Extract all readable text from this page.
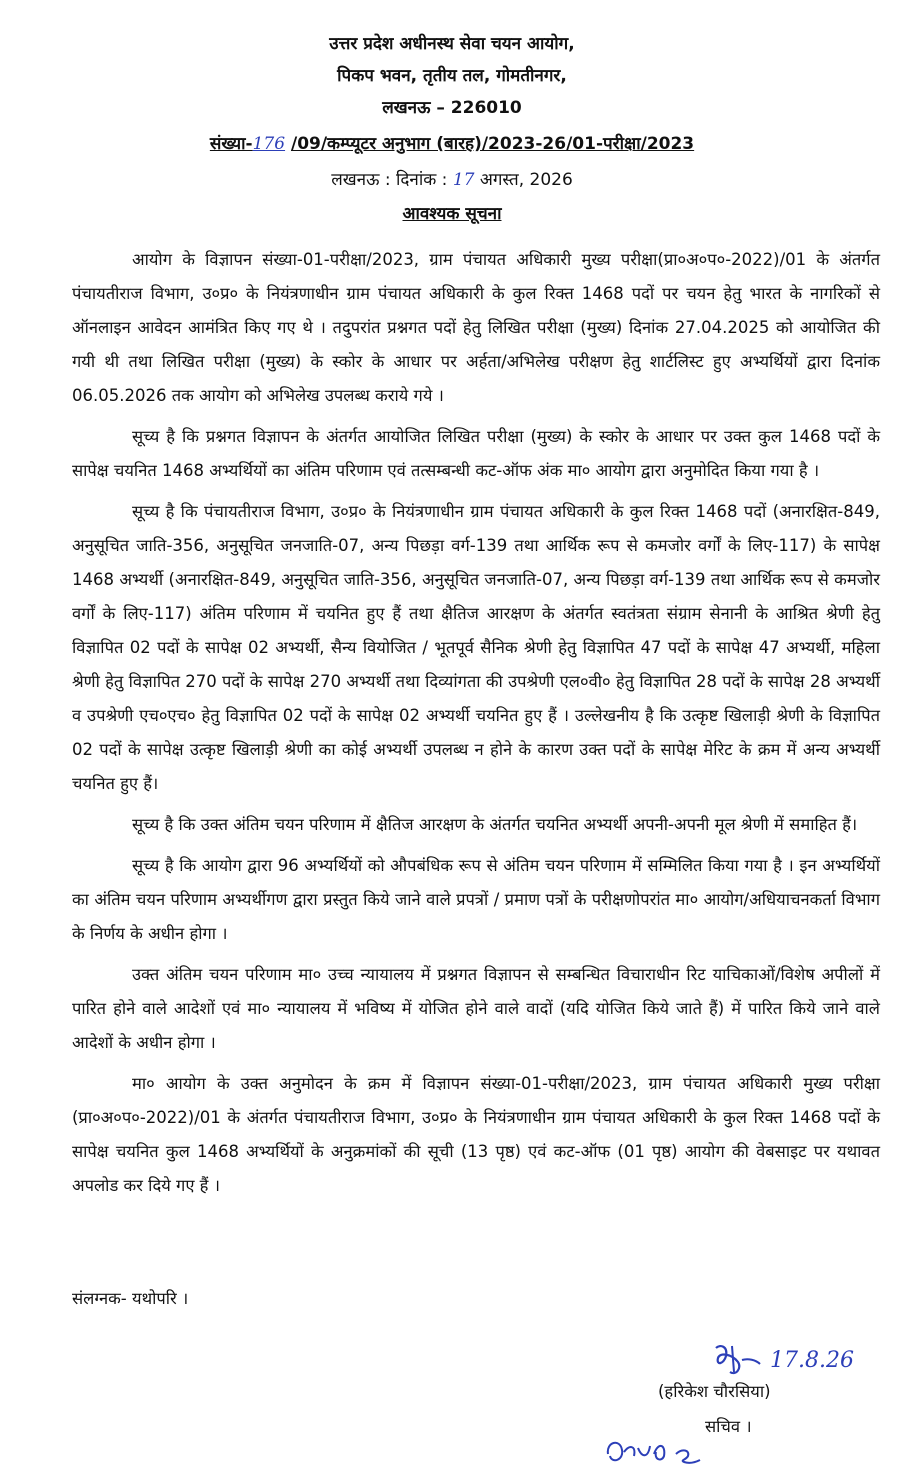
उत्तर प्रदेश अधीनस्थ सेवा चयन आयोग,
पिकप भवन, तृतीय तल, गोमतीनगर,
लखनऊ – 226010
संख्या-176 /09/कम्प्यूटर अनुभाग (बारह)/2023-26/01-परीक्षा/2023
लखनऊ : दिनांक : 17 अगस्त, 2026
आवश्यक सूचना

आयोग के विज्ञापन संख्या-01-परीक्षा/2023, ग्राम पंचायत अधिकारी मुख्य परीक्षा(प्रा०अ०प०-2022)/01 के अंतर्गत पंचायतीराज विभाग, उ०प्र० के नियंत्रणाधीन ग्राम पंचायत अधिकारी के कुल रिक्त 1468 पदों पर चयन हेतु भारत के नागरिकों से ऑनलाइन आवेदन आमंत्रित किए गए थे । तदुपरांत प्रश्नगत पदों हेतु लिखित परीक्षा (मुख्य) दिनांक 27.04.2025 को आयोजित की गयी थी तथा लिखित परीक्षा (मुख्य) के स्कोर के आधार पर अर्हता/अभिलेख परीक्षण हेतु शार्टलिस्ट हुए अभ्यर्थियों द्वारा दिनांक 06.05.2026 तक आयोग को अभिलेख उपलब्ध कराये गये ।

सूच्य है कि प्रश्नगत विज्ञापन के अंतर्गत आयोजित लिखित परीक्षा (मुख्य) के स्कोर के आधार पर उक्त कुल 1468 पदों के सापेक्ष चयनित 1468 अभ्यर्थियों का अंतिम परिणाम एवं तत्सम्बन्धी कट-ऑफ अंक मा० आयोग द्वारा अनुमोदित किया गया है ।

सूच्य है कि पंचायतीराज विभाग, उ०प्र० के नियंत्रणाधीन ग्राम पंचायत अधिकारी के कुल रिक्त 1468 पदों (अनारक्षित-849, अनुसूचित जाति-356, अनुसूचित जनजाति-07, अन्य पिछड़ा वर्ग-139 तथा आर्थिक रूप से कमजोर वर्गों के लिए-117) के सापेक्ष 1468 अभ्यर्थी (अनारक्षित-849, अनुसूचित जाति-356, अनुसूचित जनजाति-07, अन्य पिछड़ा वर्ग-139 तथा आर्थिक रूप से कमजोर वर्गों के लिए-117) अंतिम परिणाम में चयनित हुए हैं तथा क्षैतिज आरक्षण के अंतर्गत स्वतंत्रता संग्राम सेनानी के आश्रित श्रेणी हेतु विज्ञापित 02 पदों के सापेक्ष 02 अभ्यर्थी, सैन्य वियोजित / भूतपूर्व सैनिक श्रेणी हेतु विज्ञापित 47 पदों के सापेक्ष 47 अभ्यर्थी, महिला श्रेणी हेतु विज्ञापित 270 पदों के सापेक्ष 270 अभ्यर्थी तथा दिव्यांगता की उपश्रेणी एल०वी० हेतु विज्ञापित 28 पदों के सापेक्ष 28 अभ्यर्थी व उपश्रेणी एच०एच० हेतु विज्ञापित 02 पदों के सापेक्ष 02 अभ्यर्थी चयनित हुए हैं । उल्लेखनीय है कि उत्कृष्ट खिलाड़ी श्रेणी के विज्ञापित 02 पदों के सापेक्ष उत्कृष्ट खिलाड़ी श्रेणी का कोई अभ्यर्थी उपलब्ध न होने के कारण उक्त पदों के सापेक्ष मेरिट के क्रम में अन्य अभ्यर्थी चयनित हुए हैं।

सूच्य है कि उक्त अंतिम चयन परिणाम में क्षैतिज आरक्षण के अंतर्गत चयनित अभ्यर्थी अपनी-अपनी मूल श्रेणी में समाहित हैं।

सूच्य है कि आयोग द्वारा 96 अभ्यर्थियों को औपबंधिक रूप से अंतिम चयन परिणाम में सम्मिलित किया गया है । इन अभ्यर्थियों का अंतिम चयन परिणाम अभ्यर्थीगण द्वारा प्रस्तुत किये जाने वाले प्रपत्रों / प्रमाण पत्रों के परीक्षणोपरांत मा० आयोग/अधियाचनकर्ता विभाग के निर्णय के अधीन होगा ।

उक्त अंतिम चयन परिणाम मा० उच्च न्यायालय में प्रश्नगत विज्ञापन से सम्बन्धित विचाराधीन रिट याचिकाओं/विशेष अपीलों में पारित होने वाले आदेशों एवं मा० न्यायालय में भविष्य में योजित होने वाले वादों (यदि योजित किये जाते हैं) में पारित किये जाने वाले आदेशों के अधीन होगा ।

मा० आयोग के उक्त अनुमोदन के क्रम में विज्ञापन संख्या-01-परीक्षा/2023, ग्राम पंचायत अधिकारी मुख्य परीक्षा (प्रा०अ०प०-2022)/01 के अंतर्गत पंचायतीराज विभाग, उ०प्र० के नियंत्रणाधीन ग्राम पंचायत अधिकारी के कुल रिक्त 1468 पदों के सापेक्ष चयनित कुल 1468 अभ्यर्थियों के अनुक्रमांकों की सूची (13 पृष्ठ) एवं कट-ऑफ (01 पृष्ठ) आयोग की वेबसाइट पर यथावत अपलोड कर दिये गए हैं ।

संलग्नक- यथोपरि ।
17.8.26
(हरिकेश चौरसिया)
सचिव ।
